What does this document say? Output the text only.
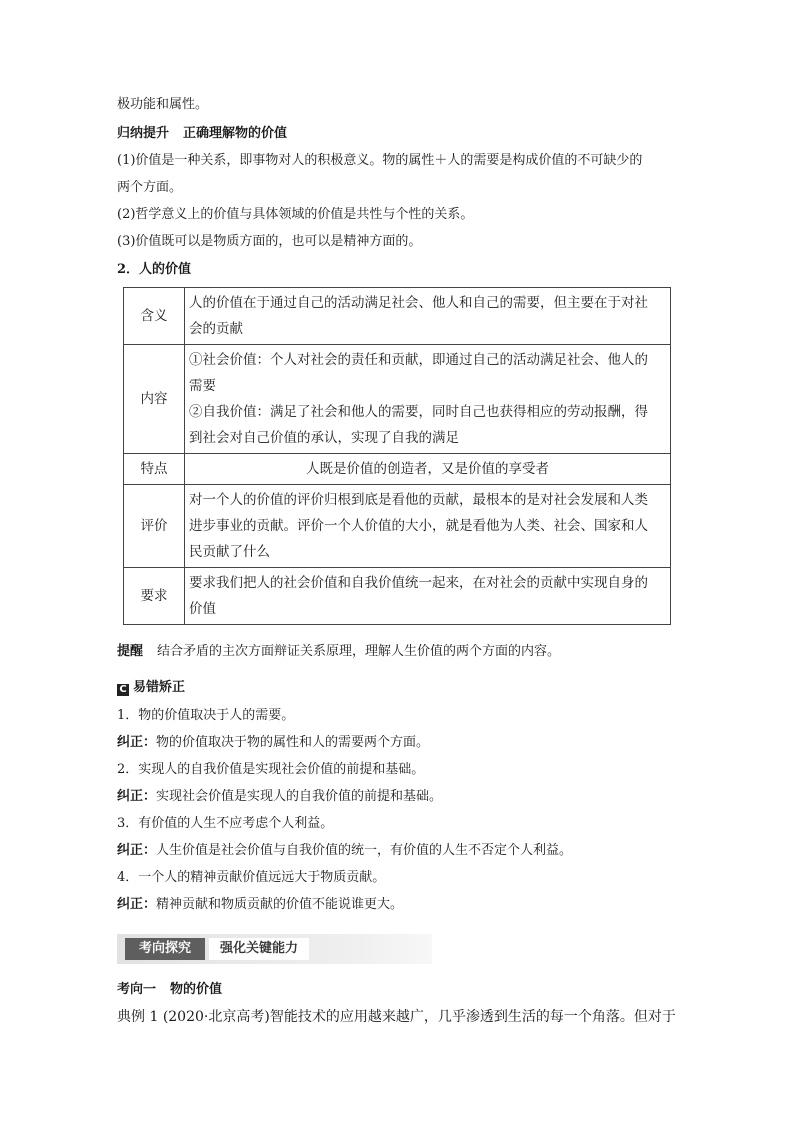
极功能和属性。
归纳提升 正确理解物的价值
(1)价值是一种关系，即事物对人的积极意义。物的属性＋人的需要是构成价值的不可缺少的
两个方面。
(2)哲学意义上的价值与具体领域的价值是共性与个性的关系。
(3)价值既可以是物质方面的，也可以是精神方面的。
2．人的价值
含义	人的价值在于通过自己的活动满足社会、他人和自己的需要，但主要在于对社
会的贡献

内容	①社会价值：个人对社会的责任和贡献，即通过自己的活动满足社会、他人的
需要
②自我价值：满足了社会和他人的需要，同时自己也获得相应的劳动报酬，得
到社会对自己价值的承认，实现了自我的满足

特点	人既是价值的创造者，又是价值的享受者

评价	对一个人的价值的评价归根到底是看他的贡献，最根本的是对社会发展和人类
进步事业的贡献。评价一个人价值的大小，就是看他为人类、社会、国家和人
民贡献了什么

要求	要求我们把人的社会价值和自我价值统一起来，在对社会的贡献中实现自身的
价值
提醒 结合矛盾的主次方面辩证关系原理，理解人生价值的两个方面的内容。
C 易错矫正
1．物的价值取决于人的需要。
纠正：物的价值取决于物的属性和人的需要两个方面。
2．实现人的自我价值是实现社会价值的前提和基础。
纠正：实现社会价值是实现人的自我价值的前提和基础。
3．有价值的人生不应考虑个人利益。
纠正：人生价值是社会价值与自我价值的统一，有价值的人生不否定个人利益。
4．一个人的精神贡献价值远远大于物质贡献。
纠正：精神贡献和物质贡献的价值不能说谁更大。
考向探究	强化关键能力
考向一 物的价值
典例 1 (2020·北京高考)智能技术的应用越来越广，几乎渗透到生活的每一个角落。但对于
